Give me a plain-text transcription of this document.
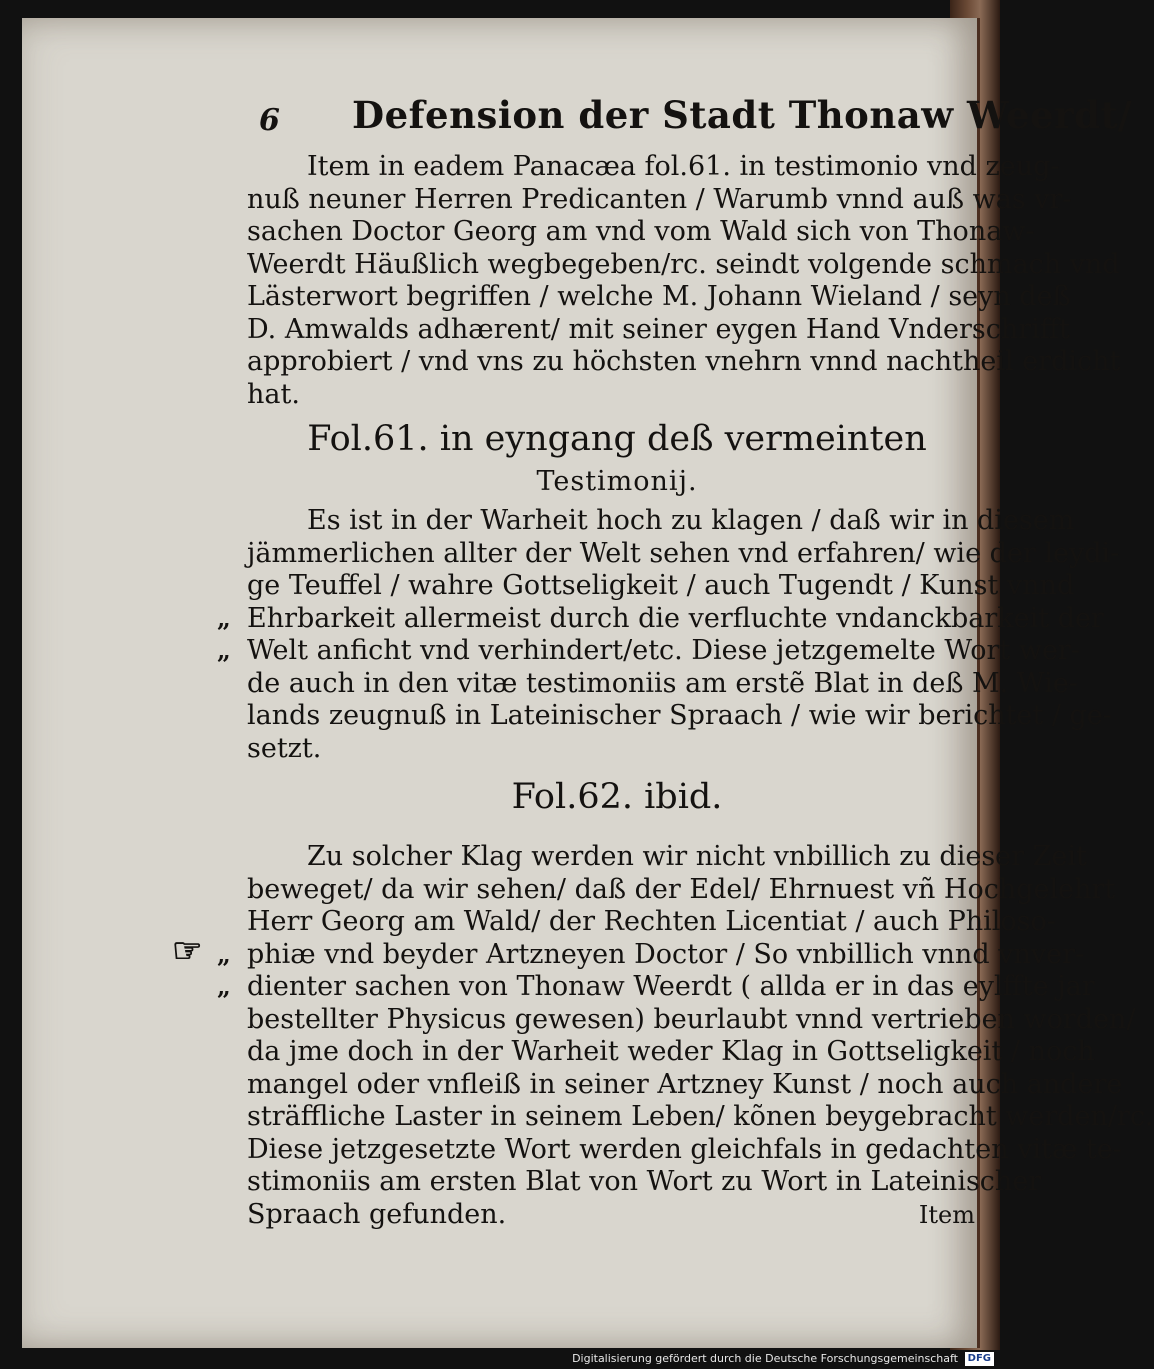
6 Defension der Stadt Thonaw Weerdt/

Item in eadem Panacæa fol.61. in testimonio vnd zeug-
nuß neuner Herren Predicanten / Warumb vnnd auß was vr-
sachen Doctor Georg am vnd vom Wald sich von Thonaw-
Weerdt Häußlich wegbegeben/rc. seindt volgende schmach vnd
Lästerwort begriffen / welche M. Johann Wieland / seyn deß
D. Amwalds adhærent/ mit seiner eygen Hand Vnderschrifft
approbiert / vnd vns zu höchsten vnehrn vnnd nachtheil erdicht
hat.

Fol.61. in eyngang deß vermeinten
Testimonij.

Es ist in der Warheit hoch zu klagen / daß wir in diesem
jämmerlichen allter der Welt sehen vnd erfahren/ wie der leydi-
ge Teuffel / wahre Gottseligkeit / auch Tugendt / Kunst vnnd
„ Ehrbarkeit allermeist durch die verfluchte vndanckbarkeit der
„ Welt anficht vnd verhindert/etc. Diese jetzgemelte Wort wer-
de auch in den vitæ testimoniis am erstẽ Blat in deß M. Wie-
lands zeugnuß in Lateinischer Spraach / wie wir berichtet / ge-
setzt.

Fol.62. ibid.

Zu solcher Klag werden wir nicht vnbillich zu dieser Zeit
beweget/ da wir sehen/ daß der Edel/ Ehrnuest vñ Hochgelehrt
Herr Georg am Wald/ der Rechten Licentiat / auch Philoso-
☞ „ phiæ vnd beyder Artzneyen Doctor / So vnbillich vnnd vnver-
„ dienter sachen von Thonaw Weerdt ( allda er in das eylffte jar
bestellter Physicus gewesen) beurlaubt vnnd vertrieben worden/
da jme doch in der Warheit weder Klag in Gottseligkeit / noch
mangel oder vnfleiß in seiner Artzney Kunst / noch auch andere
sträffliche Laster in seinem Leben/ kõnen beygebracht werden/rc.
Diese jetzgesetzte Wort werden gleichfals in gedachten vitæ te-
stimoniis am ersten Blat von Wort zu Wort in Lateinischer
Spraach gefunden.	Item

Digitalisierung gefördert durch die Deutsche Forschungsgemeinschaft DFG
